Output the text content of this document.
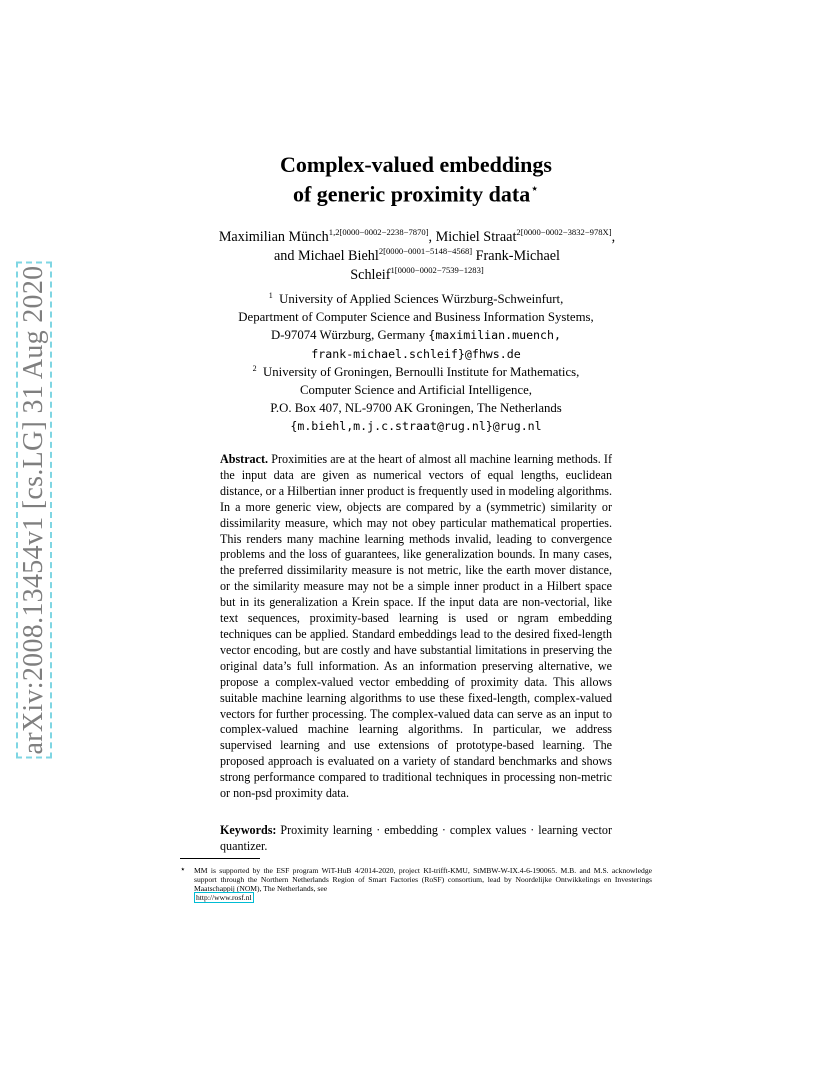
arXiv:2008.13454v1 [cs.LG] 31 Aug 2020
Complex-valued embeddings
of generic proximity data⋆
Maximilian Münch$^{1,2[0000-0002-2238-7870]}$, Michiel Straat$^{2[0000-0002-3832-978X]}$,
and Michael Biehl$^{2[0000-0001-5148-4568]}$ Frank-Michael
Schleif$^{1[0000-0002-7539-1283]}$
$^1$ University of Applied Sciences Würzburg-Schweinfurt,
Department of Computer Science and Business Information Systems,
D-97074 Würzburg, Germany {maximilian.muench,
frank-michael.schleif}@fhws.de
$^2$ University of Groningen, Bernoulli Institute for Mathematics,
Computer Science and Artificial Intelligence,
P.O. Box 407, NL-9700 AK Groningen, The Netherlands
{m.biehl,m.j.c.straat@rug.nl}@rug.nl
Abstract. Proximities are at the heart of almost all machine learning methods. If the input data are given as numerical vectors of equal lengths, euclidean distance, or a Hilbertian inner product is frequently used in modeling algorithms. In a more generic view, objects are compared by a (symmetric) similarity or dissimilarity measure, which may not obey particular mathematical properties. This renders many machine learning methods invalid, leading to convergence problems and the loss of guarantees, like generalization bounds. In many cases, the preferred dissimilarity measure is not metric, like the earth mover distance, or the similarity measure may not be a simple inner product in a Hilbert space but in its generalization a Krein space. If the input data are non-vectorial, like text sequences, proximity-based learning is used or ngram embedding techniques can be applied. Standard embeddings lead to the desired fixed-length vector encoding, but are costly and have substantial limitations in preserving the original data’s full information. As an information preserving alternative, we propose a complex-valued vector embedding of proximity data. This allows suitable machine learning algorithms to use these fixed-length, complex-valued vectors for further processing. The complex-valued data can serve as an input to complex-valued machine learning algorithms. In particular, we address supervised learning and use extensions of prototype-based learning. The proposed approach is evaluated on a variety of standard benchmarks and shows strong performance compared to traditional techniques in processing non-metric or non-psd proximity data.
Keywords: Proximity learning · embedding · complex values · learning vector quantizer.
⋆ MM is supported by the ESF program WiT-HuB 4/2014-2020, project KI-trifft-KMU, StMBW-W-IX.4-6-190065. M.B. and M.S. acknowledge support through the Northern Netherlands Region of Smart Factories (RoSF) consortium, lead by Noordelijke Ontwikkelings en Investerings Maatschappij (NOM), The Netherlands, see
http://www.rosf.nl
